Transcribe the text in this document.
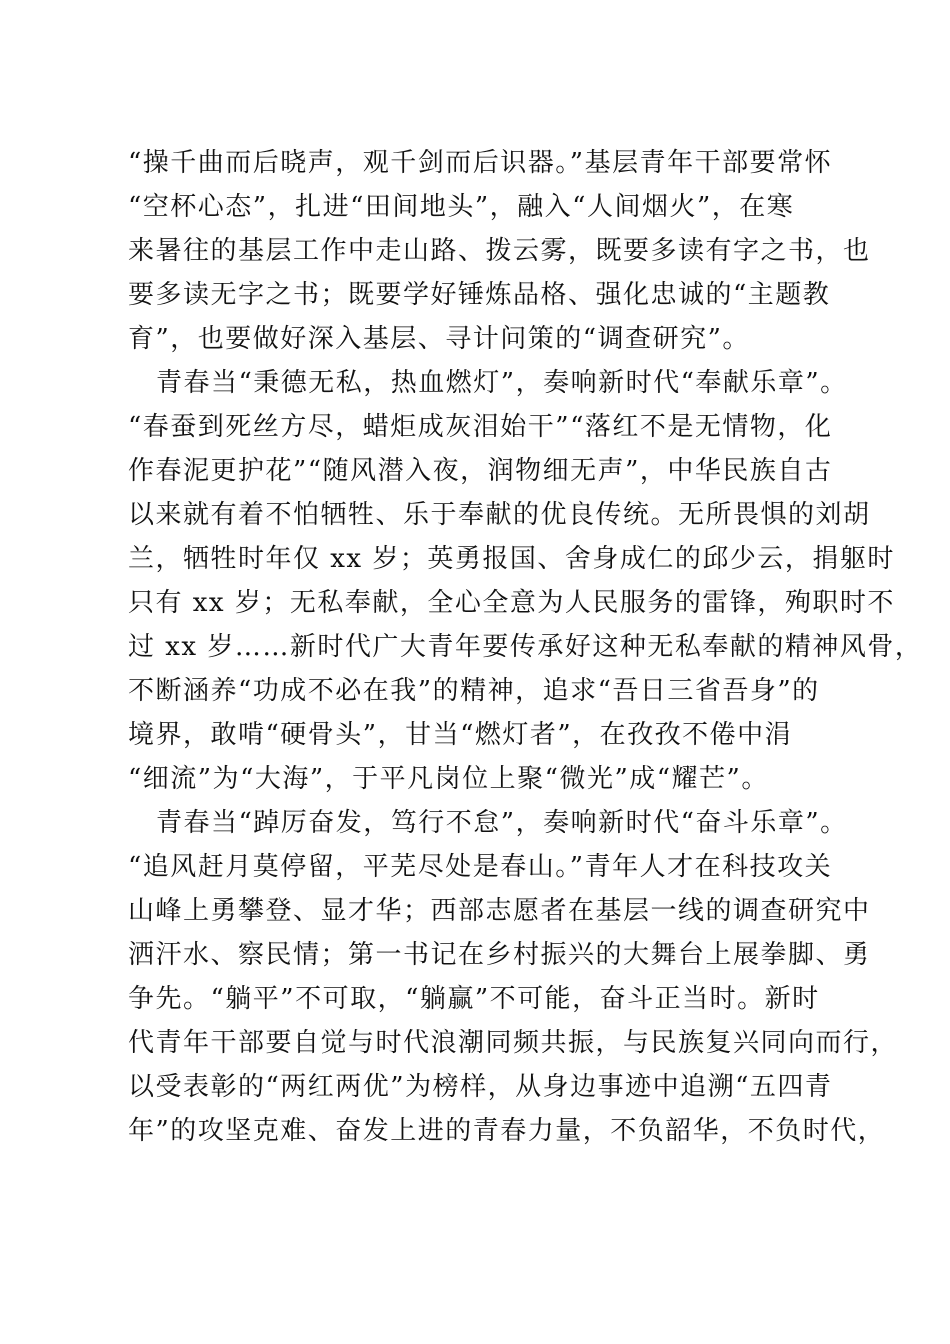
“操千曲而后晓声，观千剑而后识器。”基层青年干部要常怀
“空杯心态”，扎进“田间地头”，融入“人间烟火”，在寒
来暑往的基层工作中走山路、拨云雾，既要多读有字之书，也
要多读无字之书；既要学好锤炼品格、强化忠诚的“主题教
育”，也要做好深入基层、寻计问策的“调查研究”。
青春当“秉德无私，热血燃灯”，奏响新时代“奉献乐章”。
“春蚕到死丝方尽，蜡炬成灰泪始干”“落红不是无情物，化
作春泥更护花”“随风潜入夜，润物细无声”，中华民族自古
以来就有着不怕牺牲、乐于奉献的优良传统。无所畏惧的刘胡
兰，牺牲时年仅 xx 岁；英勇报国、舍身成仁的邱少云，捐躯时
只有 xx 岁；无私奉献，全心全意为人民服务的雷锋，殉职时不
过 xx 岁……新时代广大青年要传承好这种无私奉献的精神风骨，
不断涵养“功成不必在我”的精神，追求“吾日三省吾身”的
境界，敢啃“硬骨头”，甘当“燃灯者”，在孜孜不倦中涓
“细流”为“大海”，于平凡岗位上聚“微光”成“耀芒”。
青春当“踔厉奋发，笃行不怠”，奏响新时代“奋斗乐章”。
“追风赶月莫停留，平芜尽处是春山。”青年人才在科技攻关
山峰上勇攀登、显才华；西部志愿者在基层一线的调查研究中
洒汗水、察民情；第一书记在乡村振兴的大舞台上展拳脚、勇
争先。“躺平”不可取，“躺赢”不可能，奋斗正当时。新时
代青年干部要自觉与时代浪潮同频共振，与民族复兴同向而行，
以受表彰的“两红两优”为榜样，从身边事迹中追溯“五四青
年”的攻坚克难、奋发上进的青春力量，不负韶华，不负时代，
